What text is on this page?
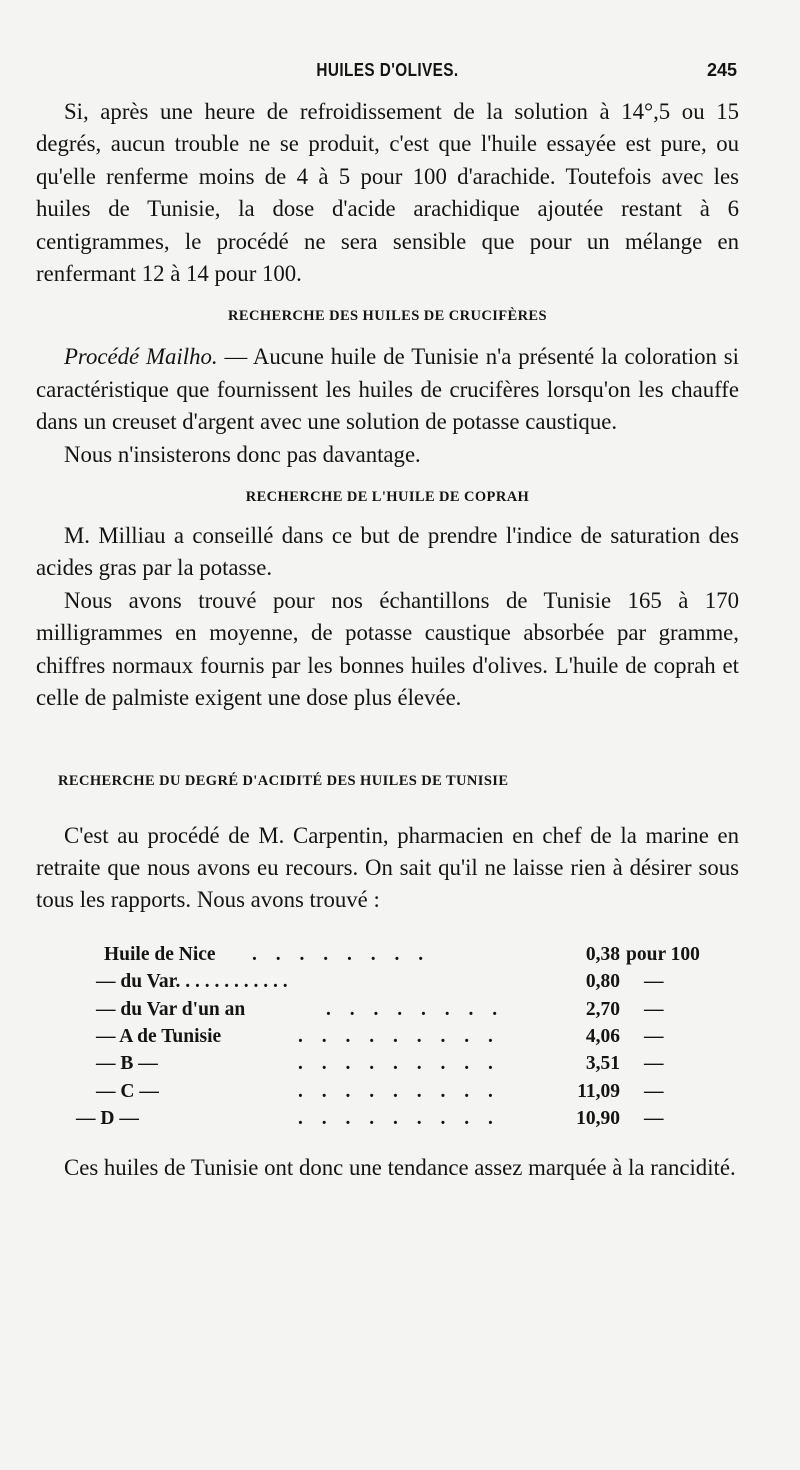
HUILES D'OLIVES.	245

Si, après une heure de refroidissement de la solution à 14°,5 ou 15 degrés, aucun trouble ne se produit, c'est que l'huile essayée est pure, ou qu'elle renferme moins de 4 à 5 pour 100 d'arachide. Toutefois avec les huiles de Tunisie, la dose d'acide arachidique ajoutée restant à 6 centigrammes, le procédé ne sera sensible que pour un mélange en renfermant 12 à 14 pour 100.

RECHERCHE DES HUILES DE CRUCIFÈRES

Procédé Mailho. — Aucune huile de Tunisie n'a présenté la coloration si caractéristique que fournissent les huiles de crucifères lorsqu'on les chauffe dans un creuset d'argent avec une solution de potasse caustique.

Nous n'insisterons donc pas davantage.

RECHERCHE DE L'HUILE DE COPRAH

M. Milliau a conseillé dans ce but de prendre l'indice de saturation des acides gras par la potasse.

Nous avons trouvé pour nos échantillons de Tunisie 165 à 170 milligrammes en moyenne, de potasse caustique absorbée par gramme, chiffres normaux fournis par les bonnes huiles d'olives. L'huile de coprah et celle de palmiste exigent une dose plus élevée.

RECHERCHE DU DEGRÉ D'ACIDITÉ DES HUILES DE TUNISIE

C'est au procédé de M. Carpentin, pharmacien en chef de la marine en retraite que nous avons eu recours. On sait qu'il ne laisse rien à désirer sous tous les rapports. Nous avons trouvé :

Huile de Nice . . . . . . . .	0,38 pour 100
— du Var. . . . . . . . . . . .	0,80 —
— du Var d'un an	. . . . . . . .	2,70 —
— A de Tunisie	. . . . . . . . .	4,06 —
— B —	. . . . . . . . .	3,51 —
— C —	. . . . . . . . .	11,09 —
— D —	. . . . . . . . .	10,90 —

Ces huiles de Tunisie ont donc une tendance assez marquée à la rancidité.
